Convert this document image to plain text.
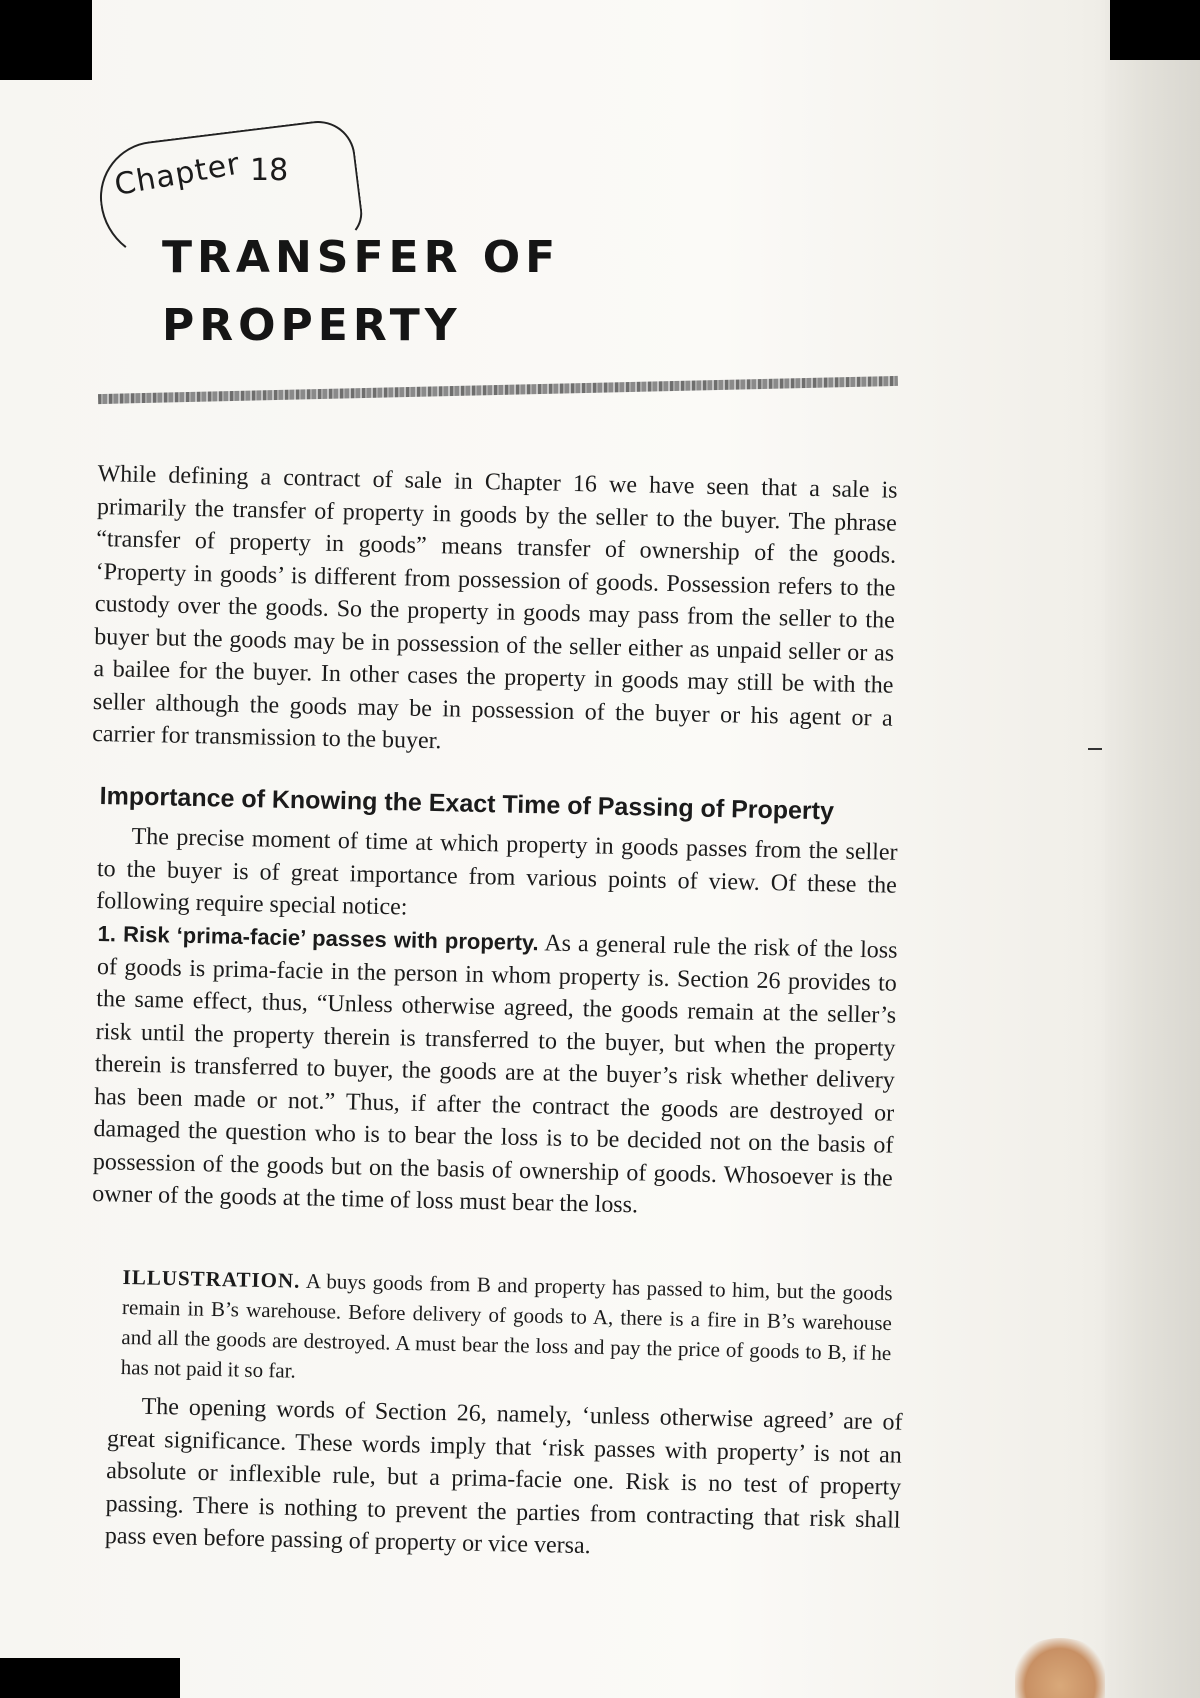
Chapter 18
TRANSFER OF
PROPERTY

While defining a contract of sale in Chapter 16 we have seen that a sale is primarily the transfer of property in goods by the seller to the buyer. The phrase “transfer of property in goods” means transfer of ownership of the goods. ‘Property in goods’ is different from possession of goods. Possession refers to the custody over the goods. So the property in goods may pass from the seller to the buyer but the goods may be in possession of the seller either as unpaid seller or as a bailee for the buyer. In other cases the property in goods may still be with the seller although the goods may be in possession of the buyer or his agent or a carrier for transmission to the buyer.

Importance of Knowing the Exact Time of Passing of Property

The precise moment of time at which property in goods passes from the seller to the buyer is of great importance from various points of view. Of these the following require special notice:

1. Risk ‘prima-facie’ passes with property. As a general rule the risk of the loss of goods is prima-facie in the person in whom property is. Section 26 provides to the same effect, thus, “Unless otherwise agreed, the goods remain at the seller’s risk until the property therein is transferred to the buyer, but when the property therein is transferred to buyer, the goods are at the buyer’s risk whether delivery has been made or not.” Thus, if after the contract the goods are destroyed or damaged the question who is to bear the loss is to be decided not on the basis of possession of the goods but on the basis of ownership of goods. Whosoever is the owner of the goods at the time of loss must bear the loss.

ILLUSTRATION. A buys goods from B and property has passed to him, but the goods remain in B’s warehouse. Before delivery of goods to A, there is a fire in B’s warehouse and all the goods are destroyed. A must bear the loss and pay the price of goods to B, if he has not paid it so far.

The opening words of Section 26, namely, ‘unless otherwise agreed’ are of great significance. These words imply that ‘risk passes with property’ is not an absolute or inflexible rule, but a prima-facie one. Risk is no test of property passing. There is nothing to prevent the parties from contracting that risk shall pass even before passing of property or vice versa.
